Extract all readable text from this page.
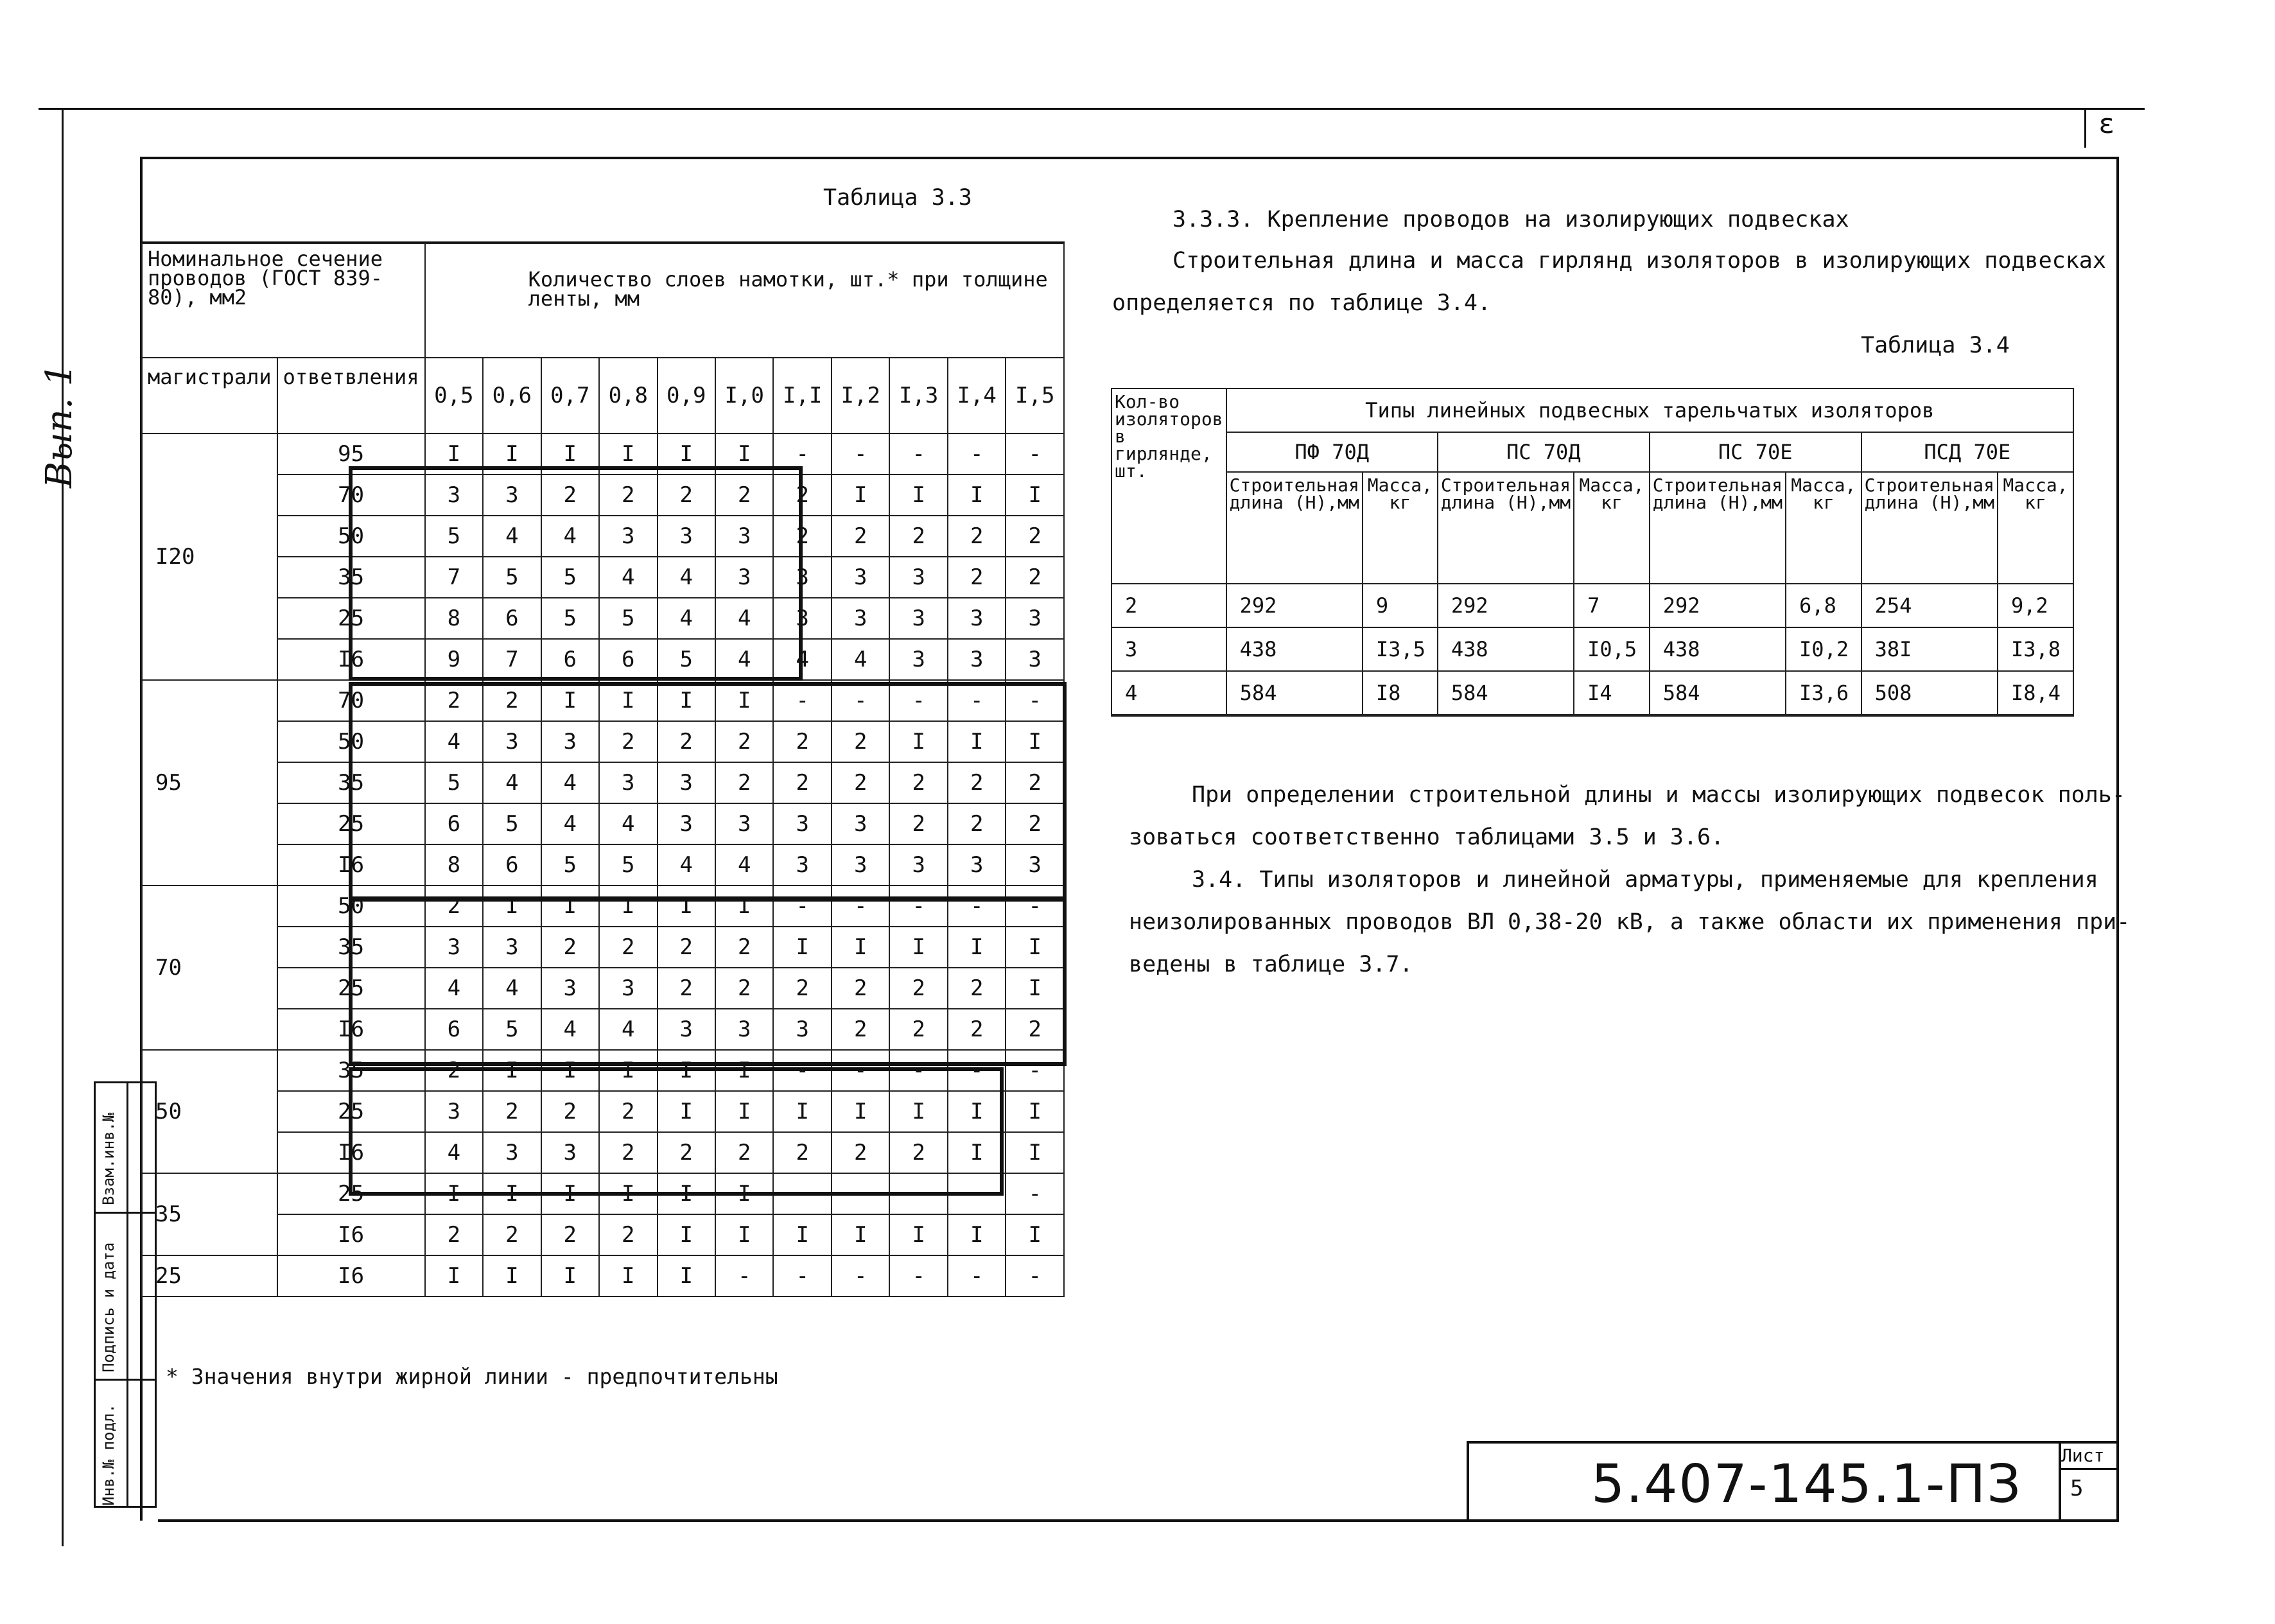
ε
Вып. 1
Таблица 3.3
Номинальное сечение проводов (ГОСТ 839-80), мм2		Количество слоев намотки, шт.* при толщине ленты, мм										
магистрали	ответвления	0,5	0,6	0,7	0,8	0,9	I,0	I,I	I,2	I,3	I,4	I,5
I20	95	I	I	I	I	I	I	-	-	-	-	-
	70	3	3	2	2	2	2	2	I	I	I	I
	50	5	4	4	3	3	3	2	2	2	2	2
	35	7	5	5	4	4	3	3	3	3	2	2
	25	8	6	5	5	4	4	3	3	3	3	3
	I6	9	7	6	6	5	4	4	4	3	3	3
95	70	2	2	I	I	I	I	-	-	-	-	-
	50	4	3	3	2	2	2	2	2	I	I	I
	35	5	4	4	3	3	2	2	2	2	2	2
	25	6	5	4	4	3	3	3	3	2	2	2
	I6	8	6	5	5	4	4	3	3	3	3	3
70	50	2	I	I	I	I	I	-	-	-	-	-
	35	3	3	2	2	2	2	I	I	I	I	I
	25	4	4	3	3	2	2	2	2	2	2	I
	I6	6	5	4	4	3	3	3	2	2	2	2
50	35	2	I	I	I	I	I	-	-	-	-	-
	25	3	2	2	2	I	I	I	I	I	I	I
	I6	4	3	3	2	2	2	2	2	2	I	I
35	25	I	I	I	I	I	I	-	-	-	-	-
	I6	2	2	2	2	I	I	I	I	I	I	I
25	I6	I	I	I	I	I	-	-	-	-	-	-
* Значения внутри жирной линии - предпочтительны
3.3.3. Крепление проводов на изолирующих подвесках
Строительная длина и масса гирлянд изоляторов в изолирующих подвесках
определяется по таблице 3.4.
Таблица 3.4
Кол-во изоляторов в гирлянде, шт.	Типы линейных подвесных тарельчатых изоляторов							
	ПФ 70Д		ПС 70Д		ПС 70Е		ПСД 70Е	
	Строительная длина (Н),мм	Масса, кг	Строительная длина (Н),мм	Масса, кг	Строительная длина (Н),мм	Масса, кг	Строительная длина (Н),мм	Масса, кг
2	292	9	292	7	292	6,8	254	9,2
3	438	I3,5	438	I0,5	438	I0,2	38I	I3,8
4	584	I8	584	I4	584	I3,6	508	I8,4

При определении строительной длины и массы изолирующих подвесок поль-
зоваться соответственно таблицами 3.5 и 3.6.
3.4. Типы изоляторов и линейной арматуры, применяемые для крепления
неизолированных проводов ВЛ 0,38-20 кВ, а также области их применения при-
ведены в таблице 3.7.
Взам.инв.№
Подпись и дата
Инв.№ подл.	5.407-145.1-ПЗ Лист
5
